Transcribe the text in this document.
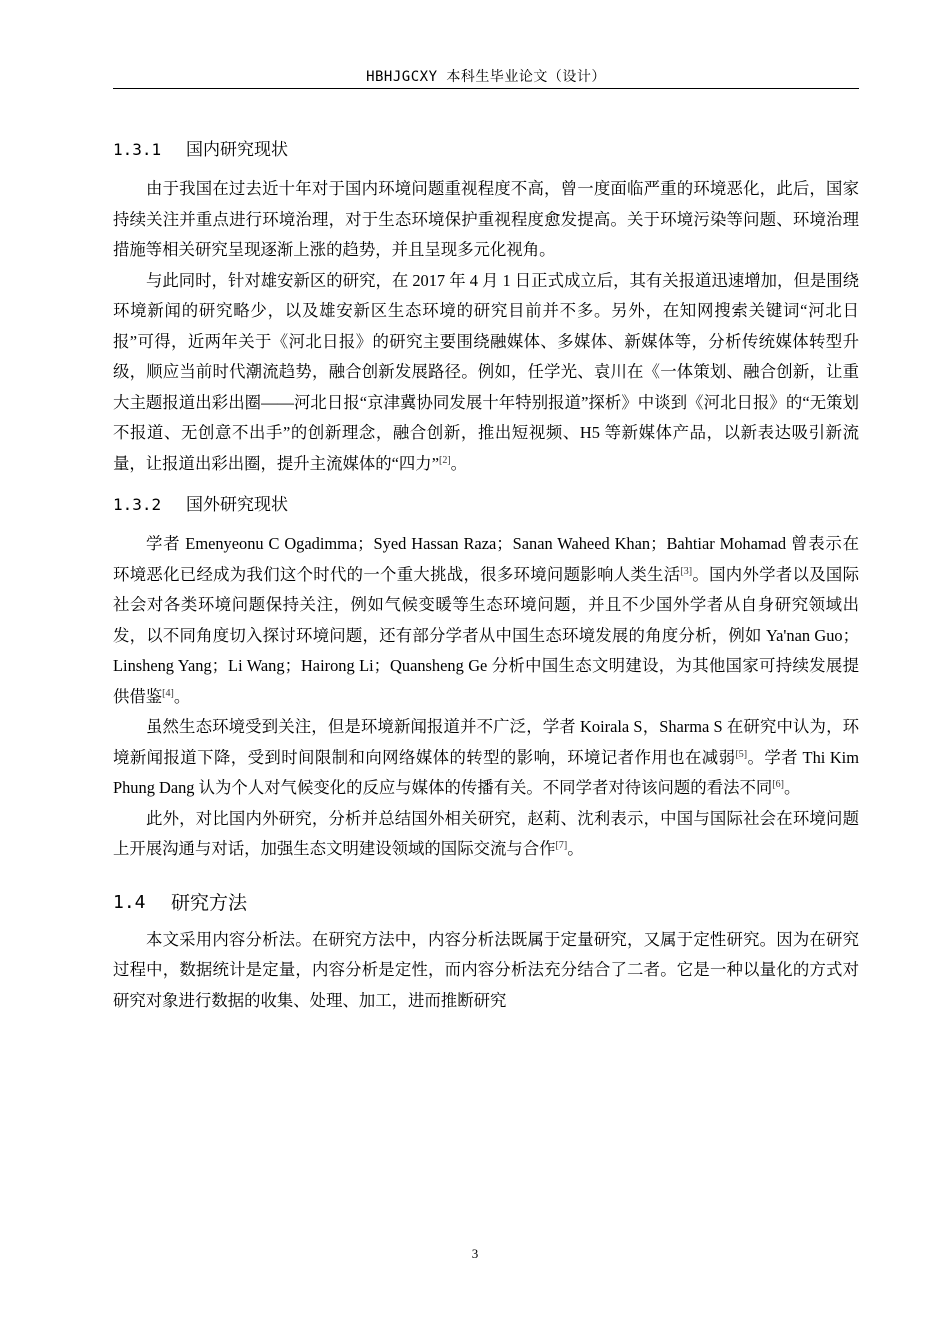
HBHJGCXY 本科生毕业论文（设计）
1.3.1	国内研究现状

由于我国在过去近十年对于国内环境问题重视程度不高，曾一度面临严重的环境恶化，此后，国家持续关注并重点进行环境治理，对于生态环境保护重视程度愈发提高。关于环境污染等问题、环境治理措施等相关研究呈现逐渐上涨的趋势，并且呈现多元化视角。

与此同时，针对雄安新区的研究，在 2017 年 4 月 1 日正式成立后，其有关报道迅速增加，但是围绕环境新闻的研究略少，以及雄安新区生态环境的研究目前并不多。另外，在知网搜索关键词“河北日报”可得，近两年关于《河北日报》的研究主要围绕融媒体、多媒体、新媒体等，分析传统媒体转型升级，顺应当前时代潮流趋势，融合创新发展路径。例如，任学光、袁川在《一体策划、融合创新，让重大主题报道出彩出圈——河北日报“京津冀协同发展十年特别报道”探析》中谈到《河北日报》的“无策划不报道、无创意不出手”的创新理念，融合创新，推出短视频、H5 等新媒体产品，以新表达吸引新流量，让报道出彩出圈，提升主流媒体的“四力”[2]。

1.3.2	国外研究现状

学者 Emenyeonu C Ogadimma；Syed Hassan Raza；Sanan Waheed Khan；Bahtiar Mohamad 曾表示在环境恶化已经成为我们这个时代的一个重大挑战，很多环境问题影响人类生活[3]。国内外学者以及国际社会对各类环境问题保持关注，例如气候变暖等生态环境问题，并且不少国外学者从自身研究领域出发，以不同角度切入探讨环境问题，还有部分学者从中国生态环境发展的角度分析，例如 Ya'nan Guo；Linsheng Yang；Li Wang；Hairong Li；Quansheng Ge 分析中国生态文明建设，为其他国家可持续发展提供借鉴[4]。

虽然生态环境受到关注，但是环境新闻报道并不广泛，学者 Koirala S，Sharma S 在研究中认为，环境新闻报道下降，受到时间限制和向网络媒体的转型的影响，环境记者作用也在减弱[5]。学者 Thi Kim Phung Dang 认为个人对气候变化的反应与媒体的传播有关。不同学者对待该问题的看法不同[6]。

此外，对比国内外研究，分析并总结国外相关研究，赵莉、沈利表示，中国与国际社会在环境问题上开展沟通与对话，加强生态文明建设领域的国际交流与合作[7]。

1.4	研究方法

本文采用内容分析法。在研究方法中，内容分析法既属于定量研究，又属于定性研究。因为在研究过程中，数据统计是定量，内容分析是定性，而内容分析法充分结合了二者。它是一种以量化的方式对研究对象进行数据的收集、处理、加工，进而推断研究

3
